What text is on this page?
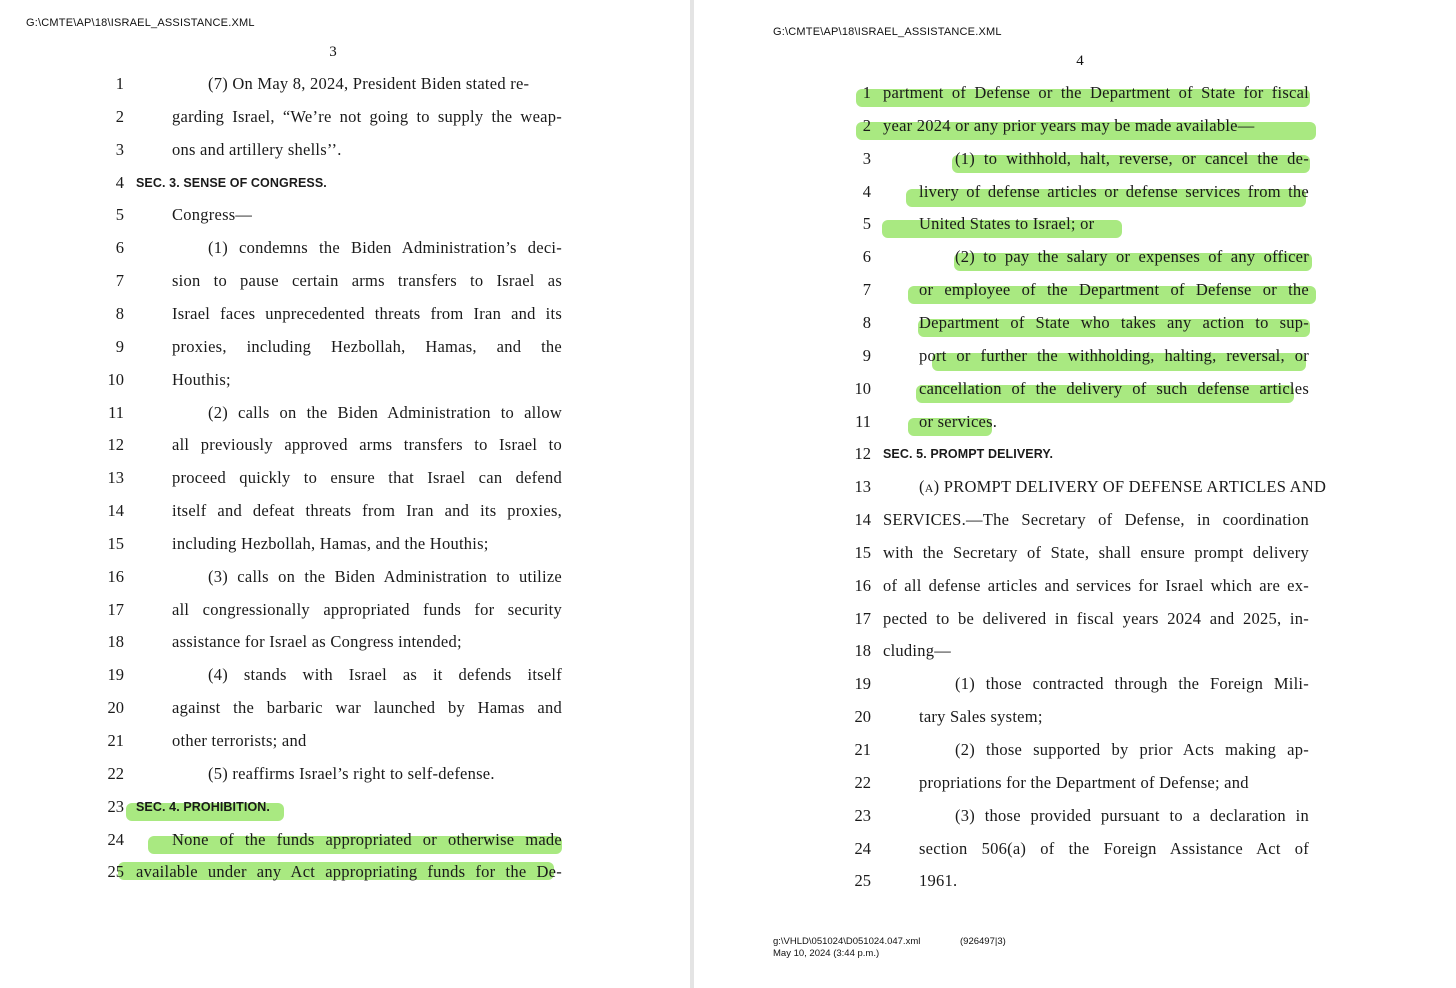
G:\CMTE\AP\18\ISRAEL_ASSISTANCE.XML
3
1	(7) On May 8, 2024, President Biden stated re-
2	garding Israel, “We’re not going to supply the weap-
3	ons and artillery shells’’.
4 SEC. 3. SENSE OF CONGRESS.
5	Congress—
6	(1) condemns the Biden Administration’s deci-
7	sion to pause certain arms transfers to Israel as
8	Israel faces unprecedented threats from Iran and its
9	proxies, including Hezbollah, Hamas, and the
10	Houthis;
11	(2) calls on the Biden Administration to allow
12	all previously approved arms transfers to Israel to
13	proceed quickly to ensure that Israel can defend
14	itself and defeat threats from Iran and its proxies,
15	including Hezbollah, Hamas, and the Houthis;
16	(3) calls on the Biden Administration to utilize
17	all congressionally appropriated funds for security
18	assistance for Israel as Congress intended;
19	(4) stands with Israel as it defends itself
20	against the barbaric war launched by Hamas and
21	other terrorists; and
22	(5) reaffirms Israel’s right to self-defense.
23 SEC. 4. PROHIBITION.
24	None of the funds appropriated or otherwise made
25 available under any Act appropriating funds for the De-
G:\CMTE\AP\18\ISRAEL_ASSISTANCE.XML
4
1 partment of Defense or the Department of State for fiscal
2 year 2024 or any prior years may be made available—
3	(1) to withhold, halt, reverse, or cancel the de-
4	livery of defense articles or defense services from the
5	United States to Israel; or
6	(2) to pay the salary or expenses of any officer
7	or employee of the Department of Defense or the
8	Department of State who takes any action to sup-
9	port or further the withholding, halting, reversal, or
10	cancellation of the delivery of such defense articles
11	or services.
12 SEC. 5. PROMPT DELIVERY.
13	(a) PROMPT DELIVERY OF DEFENSE ARTICLES AND
14 SERVICES.—The Secretary of Defense, in coordination
15 with the Secretary of State, shall ensure prompt delivery
16 of all defense articles and services for Israel which are ex-
17 pected to be delivered in fiscal years 2024 and 2025, in-
18 cluding—
19	(1) those contracted through the Foreign Mili-
20	tary Sales system;
21	(2) those supported by prior Acts making ap-
22	propriations for the Department of Defense; and
23	(3) those provided pursuant to a declaration in
24	section 506(a) of the Foreign Assistance Act of
25	1961.
g:\VHLD\051024\D051024.047.xml	(926497|3)
May 10, 2024 (3:44 p.m.)
